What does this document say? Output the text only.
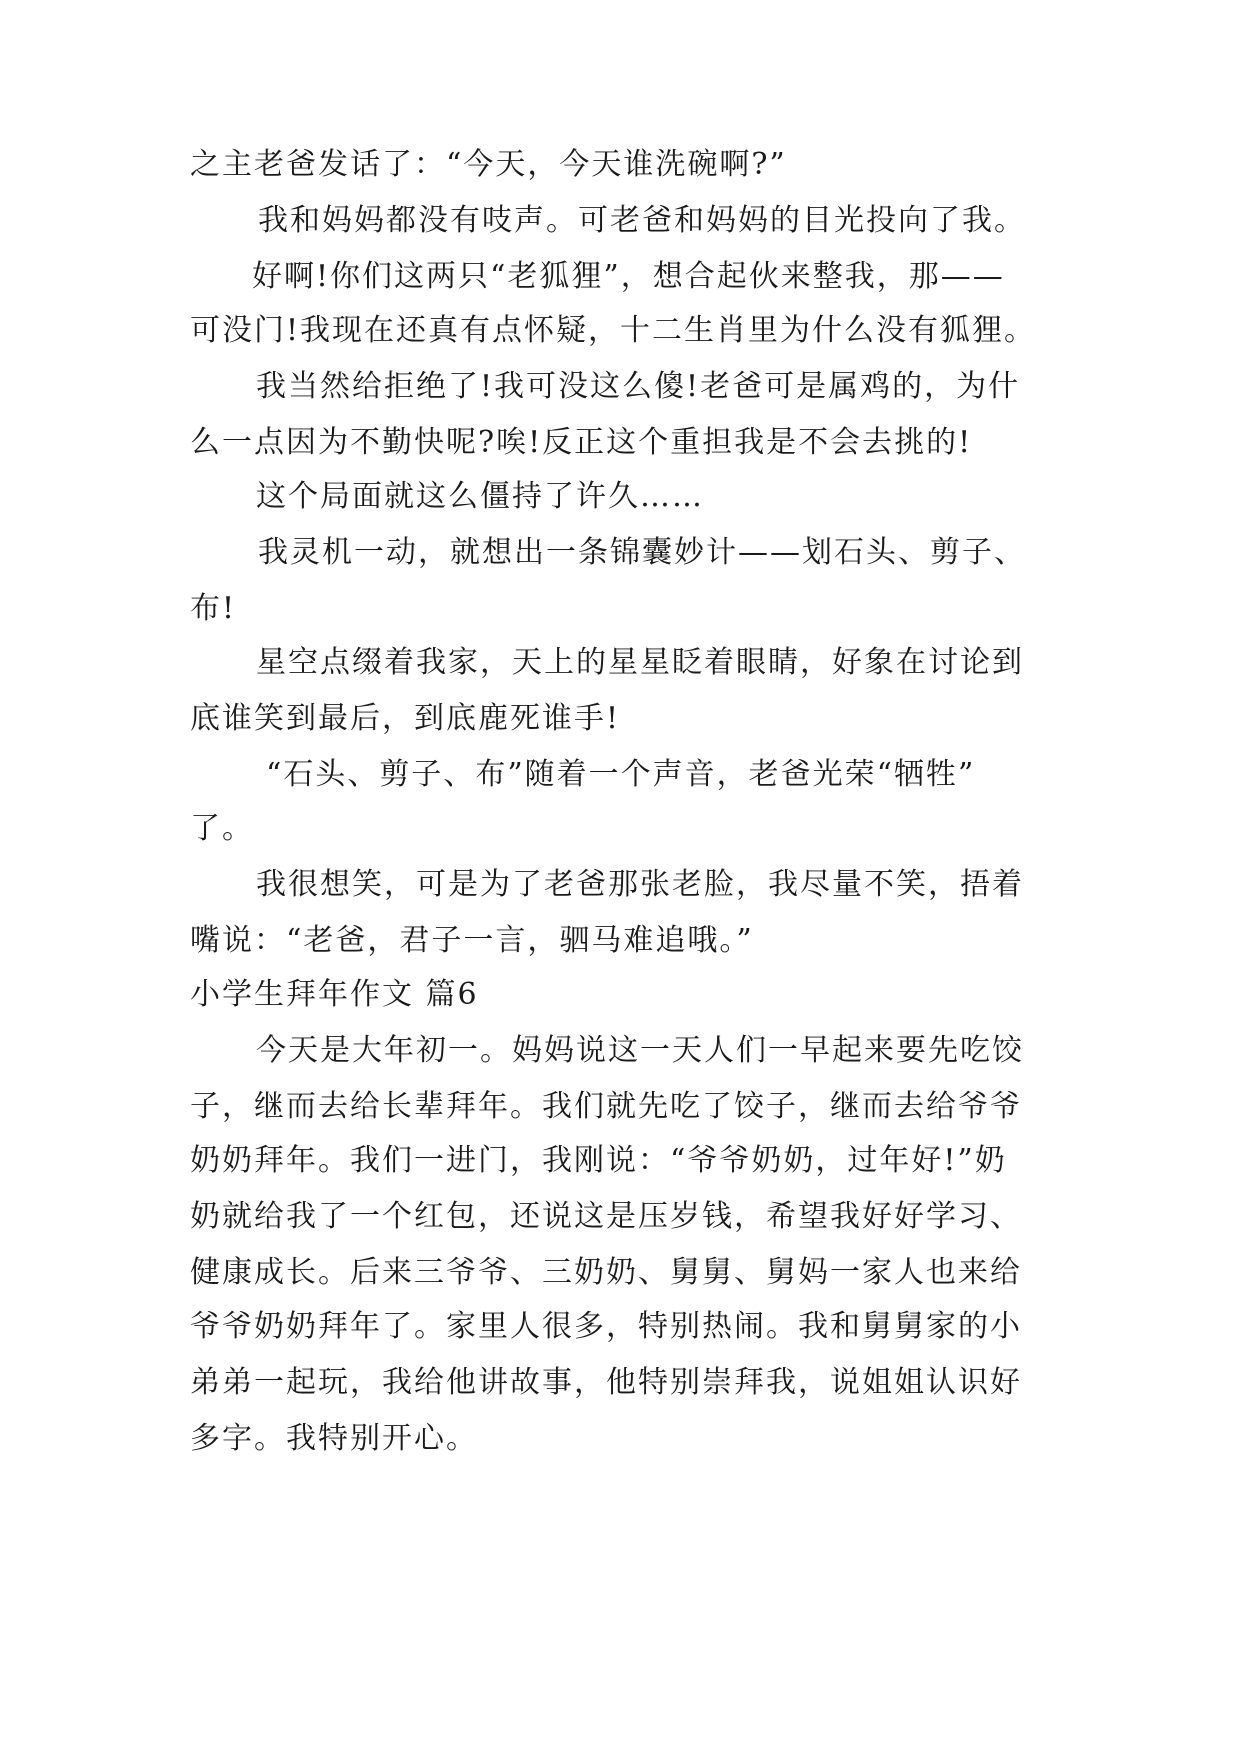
之主老爸发话了：“今天，今天谁洗碗啊?”
我和妈妈都没有吱声。可老爸和妈妈的目光投向了我。
好啊!你们这两只“老狐狸”，想合起伙来整我，那——
可没门!我现在还真有点怀疑，十二生肖里为什么没有狐狸。
我当然给拒绝了!我可没这么傻!老爸可是属鸡的，为什
么一点因为不勤快呢?唉!反正这个重担我是不会去挑的!
这个局面就这么僵持了许久……
我灵机一动，就想出一条锦囊妙计——划石头、剪子、
布!
星空点缀着我家，天上的星星眨着眼睛，好象在讨论到
底谁笑到最后，到底鹿死谁手!
“石头、剪子、布”随着一个声音，老爸光荣“牺牲”
了。
我很想笑，可是为了老爸那张老脸，我尽量不笑，捂着
嘴说：“老爸，君子一言，驷马难追哦。”
小学生拜年作文 篇6
今天是大年初一。妈妈说这一天人们一早起来要先吃饺
子，继而去给长辈拜年。我们就先吃了饺子，继而去给爷爷
奶奶拜年。我们一进门，我刚说：“爷爷奶奶，过年好!”奶
奶就给我了一个红包，还说这是压岁钱，希望我好好学习、
健康成长。后来三爷爷、三奶奶、舅舅、舅妈一家人也来给
爷爷奶奶拜年了。家里人很多，特别热闹。我和舅舅家的小
弟弟一起玩，我给他讲故事，他特别崇拜我，说姐姐认识好
多字。我特别开心。
